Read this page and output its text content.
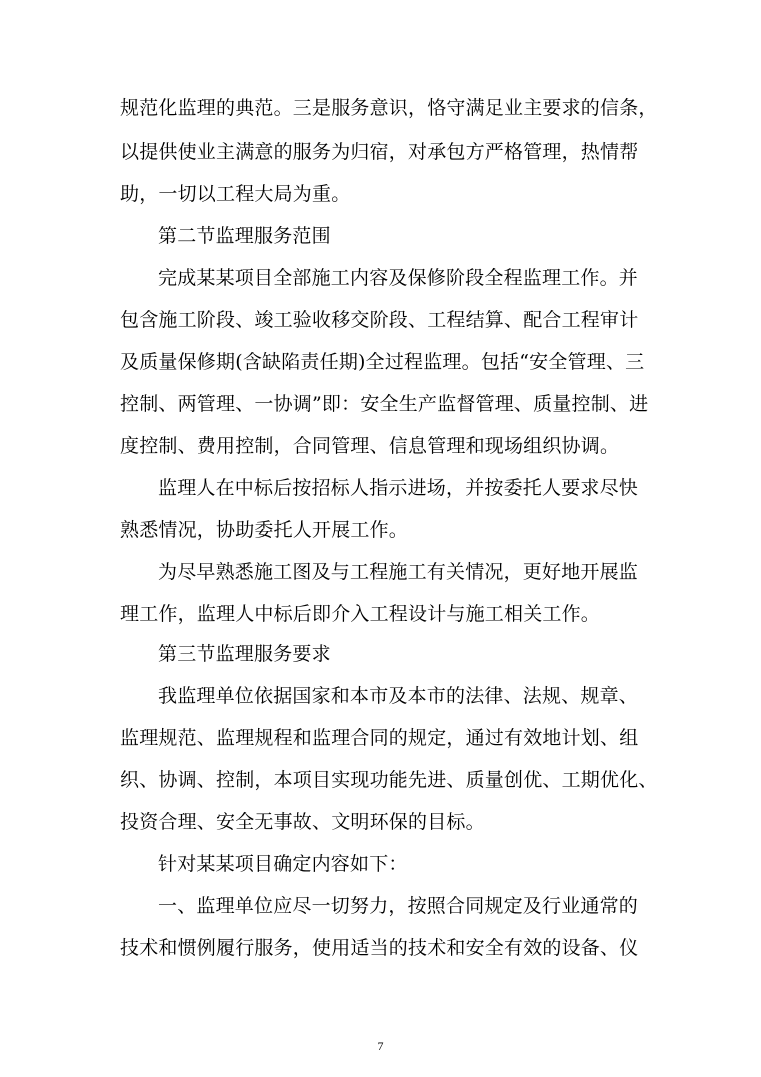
规范化监理的典范。三是服务意识，恪守满足业主要求的信条，
以提供使业主满意的服务为归宿，对承包方严格管理，热情帮
助，一切以工程大局为重。
第二节监理服务范围
完成某某项目全部施工内容及保修阶段全程监理工作。并
包含施工阶段、竣工验收移交阶段、工程结算、配合工程审计
及质量保修期(含缺陷责任期)全过程监理。包括“安全管理、三
控制、两管理、一协调”即：安全生产监督管理、质量控制、进
度控制、费用控制，合同管理、信息管理和现场组织协调。
监理人在中标后按招标人指示进场，并按委托人要求尽快
熟悉情况，协助委托人开展工作。
为尽早熟悉施工图及与工程施工有关情况，更好地开展监
理工作，监理人中标后即介入工程设计与施工相关工作。
第三节监理服务要求
我监理单位依据国家和本市及本市的法律、法规、规章、
监理规范、监理规程和监理合同的规定，通过有效地计划、组
织、协调、控制，本项目实现功能先进、质量创优、工期优化、
投资合理、安全无事故、文明环保的目标。
针对某某项目确定内容如下：
一、监理单位应尽一切努力，按照合同规定及行业通常的
技术和惯例履行服务，使用适当的技术和安全有效的设备、仪
7
